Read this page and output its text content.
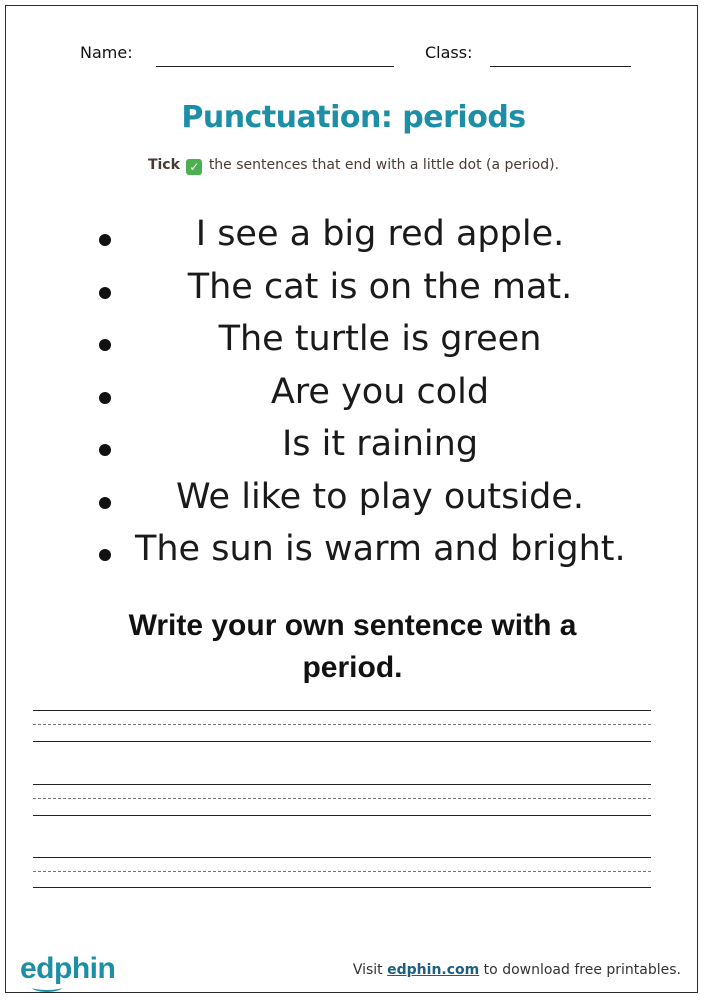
Name:	Class:
Punctuation: periods
Tick ✓ the sentences that end with a little dot (a period).
I see a big red apple.
The cat is on the mat.
The turtle is green
Are you cold
Is it raining
We like to play outside.
The sun is warm and bright.
Write your own sentence with a period.
edphin	Visit edphin.com to download free printables.
